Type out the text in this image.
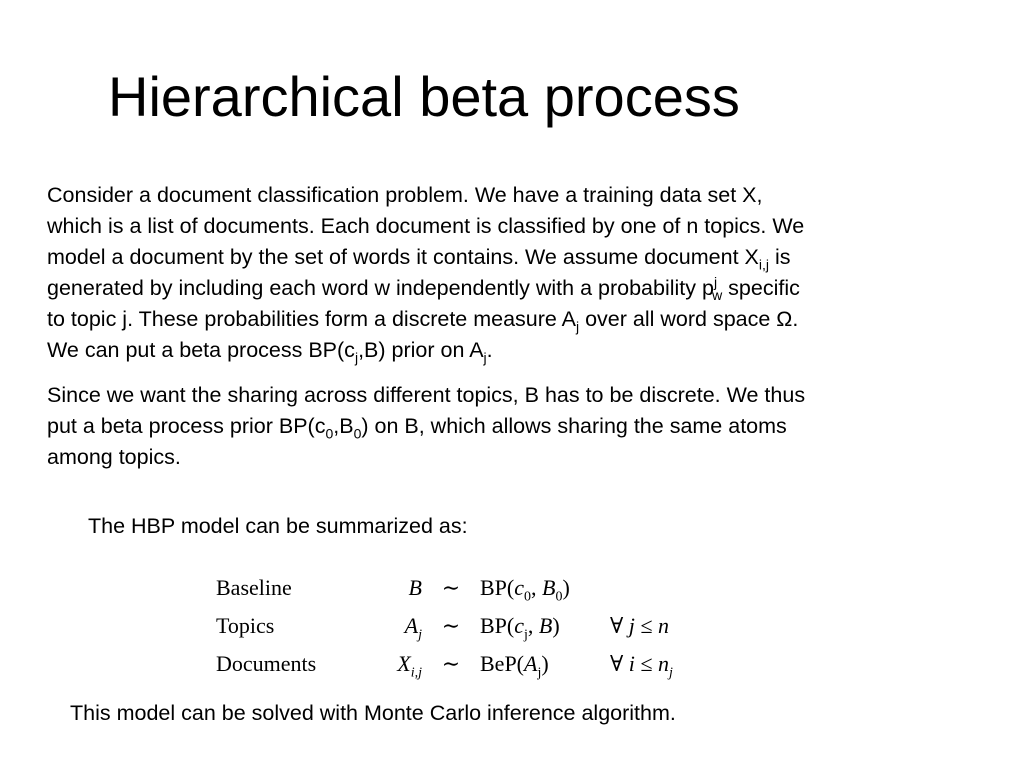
Hierarchical beta process
Consider a document classification problem. We have a training data set X,
which is a list of documents. Each document is classified by one of n topics. We
model a document by the set of words it contains. We assume document $X_{i,j}$ is
generated by including each word w independently with a probability $p^j_w$ specific
to topic j. These probabilities form a discrete measure $A_j$ over all word space Ω.
We can put a beta process $BP(c_j,B)$ prior on $A_j$.
Since we want the sharing across different topics, B has to be discrete. We thus
put a beta process prior $BP(c_0,B_0)$ on B, which allows sharing the same atoms
among topics.

The HBP model can be summarized as:

Baseline	B	∼	$BP(c_0$, $B_0$)	
Topics	$A_j$	∼	$BP(c_j$, B)	∀ j ≤ n
Documents	$X_{i,j}$	∼	$BeP(A_j)$	∀ $i \le n_j$

This model can be solved with Monte Carlo inference algorithm.
